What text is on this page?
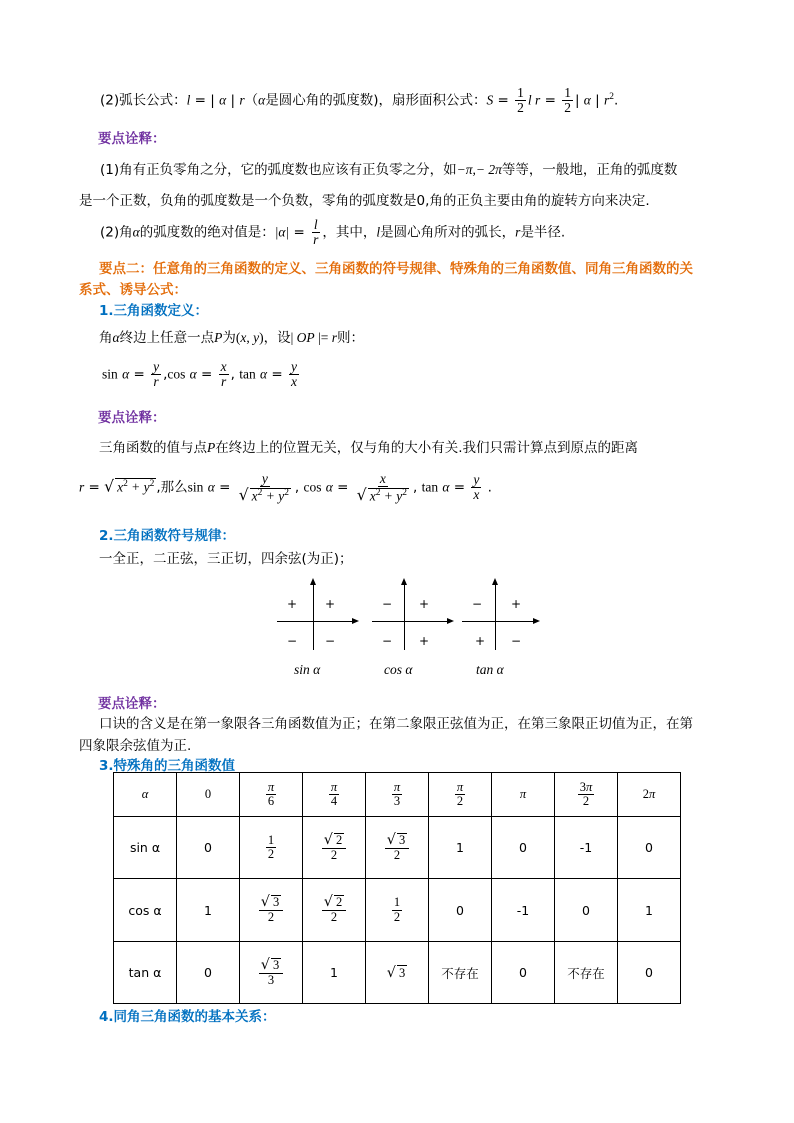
(2)弧长公式：l = | α | r（α是圆心角的弧度数)，扇形面积公式：$S = \frac{1}{2}$ l $r = \frac{1}{2}$ | α | $r^2$.
要点诠释：
(1)角有正负零角之分，它的弧度数也应该有正负零之分，如−π,− 2π等等，一般地，正角的弧度数
是一个正数，负角的弧度数是一个负数，零角的弧度数是0,角的正负主要由角的旋转方向来决定.
(2)角α的弧度数的绝对值是：$|\alpha| = \frac{l}{r}$ ，其中，l是圆心角所对的弧长，r是半径.
要点二：任意角的三角函数的定义、三角函数的符号规律、特殊角的三角函数值、同角三角函数的关
系式、诱导公式：
1.三角函数定义：
角α终边上任意一点P为(x, y)，设| OP |= r则：
$\sin \alpha = \frac{y}{r} ,\cos$ $\alpha = \frac{x}{r}$ , $\tan \alpha = \frac{y}{x}$
要点诠释：
三角函数的值与点P在终边上的位置无关，仅与角的大小有关.我们只需计算点到原点的距离
r = √ $x^2 + y^2$ ,那么$\sin \alpha = \frac{y}{√ x^2 + y^2}$ , $\cos \alpha = \frac{x}{√ x^2 + y^2}$ , $\tan \alpha = \frac{y}{x}$ .
2.三角函数符号规律：
一全正，二正弦，三正切，四余弦(为正)；
+ +
− −
sin α
− +
− +
cos α
− +
+ −
tan α
要点诠释：
口诀的含义是在第一象限各三角函数值为正；在第二象限正弦值为正，在第三象限正切值为正，在第
四象限余弦值为正.
3.特殊角的三角函数值
α	0	$\frac{\pi}{6}$	$\frac{\pi}{4}$	$\frac{\pi}{3}$	$\frac{\pi}{2}$	π	$\frac{3\pi}{2}$	2π
sin α	0	$\frac{1}{2}$	$\frac{√ 2}{2}$	$\frac{√ 3}{2}$	1	0	-1	0
cos α	1	$\frac{√ 3}{2}$	$\frac{√ 2}{2}$	$\frac{1}{2}$	0	-1	0	1
tan α	0	$\frac{√ 3}{3}$	1	√ 3	不存在	0	不存在	0
4.同角三角函数的基本关系：
